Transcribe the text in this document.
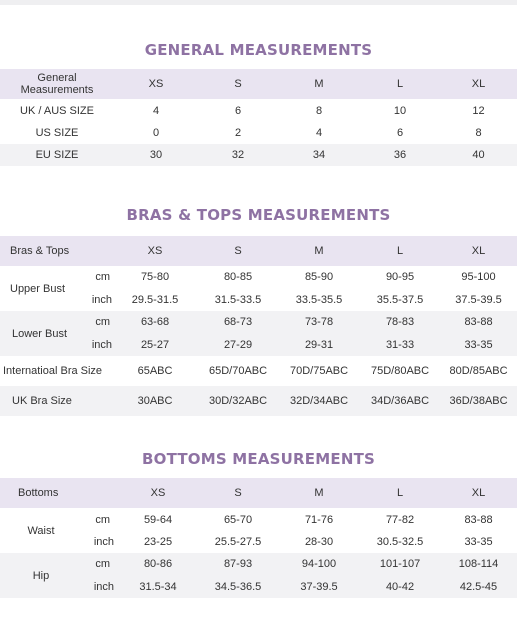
GENERAL MEASUREMENTS
General Measurements	XS	S	M	L	XL
UK / AUS SIZE	4	6	8	10	12
US SIZE	0	2	4	6	8
EU SIZE	30	32	34	36	40
BRAS & TOPS MEASUREMENTS
Bras & Tops		XS	S	M	L	XL
Upper Bust	cm	75-80	80-85	85-90	90-95	95-100
	inch	29.5-31.5	31.5-33.5	33.5-35.5	35.5-37.5	37.5-39.5
Lower Bust	cm	63-68	68-73	73-78	78-83	83-88
	inch	25-27	27-29	29-31	31-33	33-35
Internatioal Bra Size		65ABC	65D/70ABC	70D/75ABC	75D/80ABC	80D/85ABC
UK Bra Size		30ABC	30D/32ABC	32D/34ABC	34D/36ABC	36D/38ABC
BOTTOMS MEASUREMENTS
Bottoms		XS	S	M	L	XL
Waist	cm	59-64	65-70	71-76	77-82	83-88
	inch	23-25	25.5-27.5	28-30	30.5-32.5	33-35
Hip	cm	80-86	87-93	94-100	101-107	108-114
	inch	31.5-34	34.5-36.5	37-39.5	40-42	42.5-45
